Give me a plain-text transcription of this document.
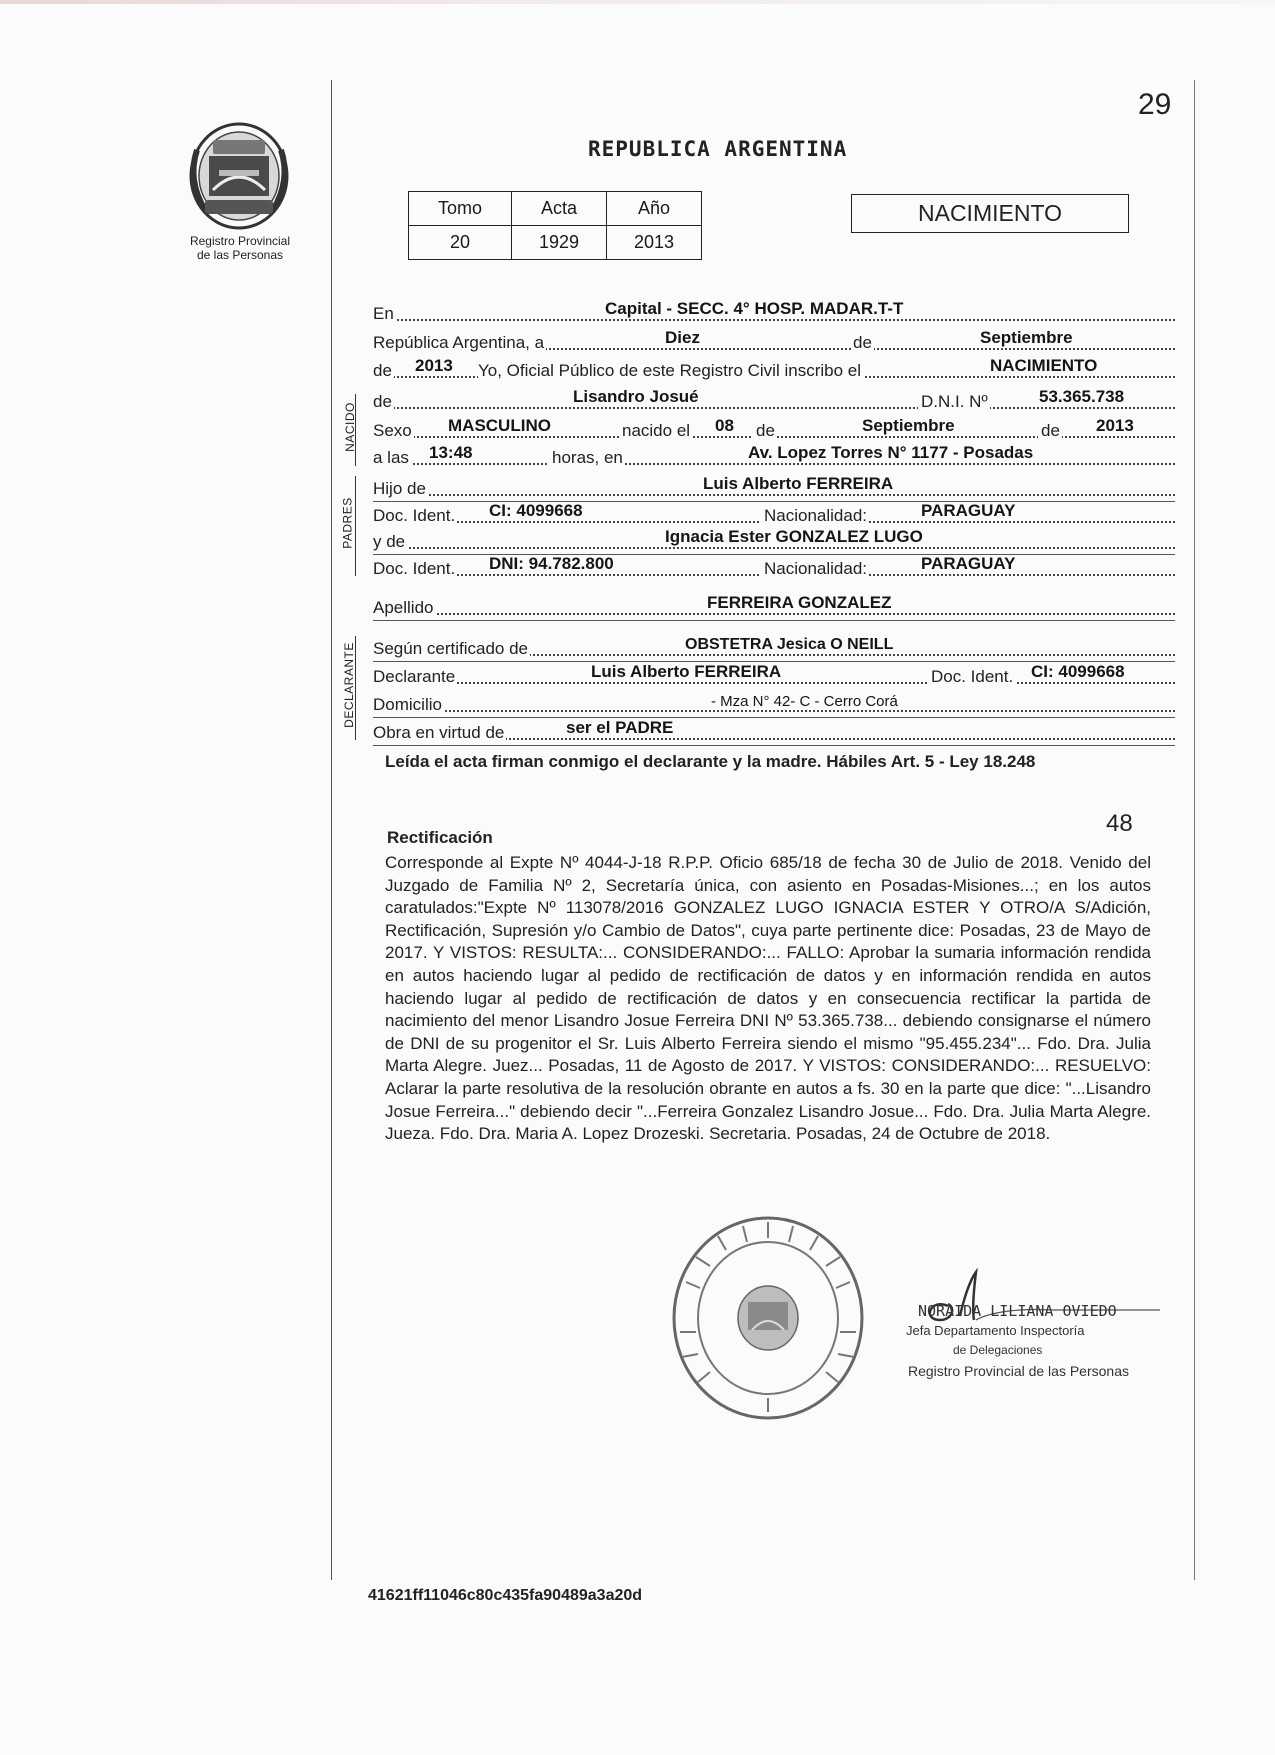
29
Registro Provincial
de las Personas
REPUBLICA ARGENTINA
Tomo	Acta	Año
20	1929	2013
NACIMIENTO
En	Capital - SECC. 4° HOSP. MADAR.T-T
República Argentina, a	Diez	de	Septiembre
de 2013 Yo, Oficial Público de este Registro Civil inscribo el	NACIMIENTO
NACIDO
de	Lisandro Josué	D.N.I. Nº	53.365.738
Sexo MASCULINO	nacido el 08 de	Septiembre	de 2013
a las 13:48	horas, en	Av. Lopez Torres N° 1177 - Posadas
PADRES
Hijo de	Luis Alberto FERREIRA
Doc. Ident. CI: 4099668	Nacionalidad:	PARAGUAY
y de	Ignacia Ester GONZALEZ LUGO
Doc. Ident. DNI: 94.782.800	Nacionalidad:	PARAGUAY
Apellido	FERREIRA GONZALEZ
DECLARANTE Según certificado de	OBSTETRA Jesica O NEILL
Declarante	Luis Alberto FERREIRA	Doc. Ident. CI: 4099668
Domicilio	- Mza N° 42- C - Cerro Corá
Obra en virtud de	ser el PADRE
Leída el acta firman conmigo el declarante y la madre. Hábiles Art. 5 - Ley 18.248
48
Rectificación
Corresponde al Expte Nº 4044-J-18 R.P.P. Oficio 685/18 de fecha 30 de Julio de 2018. Venido del Juzgado de Familia Nº 2, Secretaría única, con asiento en Posadas-Misiones...; en los autos caratulados:"Expte Nº 113078/2016 GONZALEZ LUGO IGNACIA ESTER Y OTRO/A S/Adición, Rectificación, Supresión y/o Cambio de Datos", cuya parte pertinente dice: Posadas, 23 de Mayo de 2017. Y VISTOS: RESULTA:... CONSIDERANDO:... FALLO: Aprobar la sumaria información rendida en autos haciendo lugar al pedido de rectificación de datos y en información rendida en autos haciendo lugar al pedido de rectificación de datos y en consecuencia rectificar la partida de nacimiento del menor Lisandro Josue Ferreira DNI Nº 53.365.738... debiendo consignarse el número de DNI de su progenitor el Sr. Luis Alberto Ferreira siendo el mismo "95.455.234"... Fdo. Dra. Julia Marta Alegre. Juez... Posadas, 11 de Agosto de 2017. Y VISTOS: CONSIDERANDO:... RESUELVO: Aclarar la parte resolutiva de la resolución obrante en autos a fs. 30 en la parte que dice: "...Lisandro Josue Ferreira..." debiendo decir "...Ferreira Gonzalez Lisandro Josue... Fdo. Dra. Julia Marta Alegre. Jueza. Fdo. Dra. Maria A. Lopez Drozeski. Secretaria. Posadas, 24 de Octubre de 2018.
NORAIDA LILIANA OVIEDO
Jefa Departamento Inspectoría
de Delegaciones
Registro Provincial de las Personas
41621ff11046c80c435fa90489a3a20d
